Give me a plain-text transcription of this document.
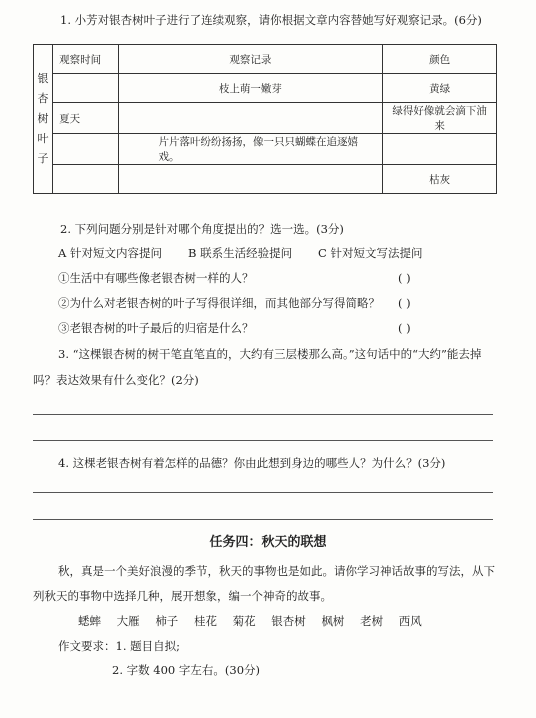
1. 小芳对银杏树叶子进行了连续观察，请你根据文章内容替她写好观察记录。(6分)
银
杏
树
叶
子	观察时间	观察记录	颜色
		枝上萌一嫩芽	黄绿
	夏天		绿得好像就会滴下油来
		片片落叶纷纷扬扬，像一只只蝴蝶在追逐嬉戏。	
			枯灰
2. 下列问题分别是针对哪个角度提出的？选一选。(3分)
A 针对短文内容提问 B 联系生活经验提问 C 针对短文写法提问
①生活中有哪些像老银杏树一样的人？	( )
②为什么对老银杏树的叶子写得很详细，而其他部分写得简略？ ( )
③老银杏树的叶子最后的归宿是什么？	( )
3. “这棵银杏树的树干笔直笔直的，大约有三层楼那么高。”这句话中的“大约”能去掉
吗？表达效果有什么变化？(2分)
4. 这棵老银杏树有着怎样的品德？你由此想到身边的哪些人？为什么？(3分)
任务四：秋天的联想
秋，真是一个美好浪漫的季节，秋天的事物也是如此。请你学习神话故事的写法，从下
列秋天的事物中选择几种，展开想象，编一个神奇的故事。
蟋蟀 大雁 柿子 桂花 菊花 银杏树 枫树 老树 西风
作文要求：1. 题目自拟;
2. 字数 400 字左右。(30分)
